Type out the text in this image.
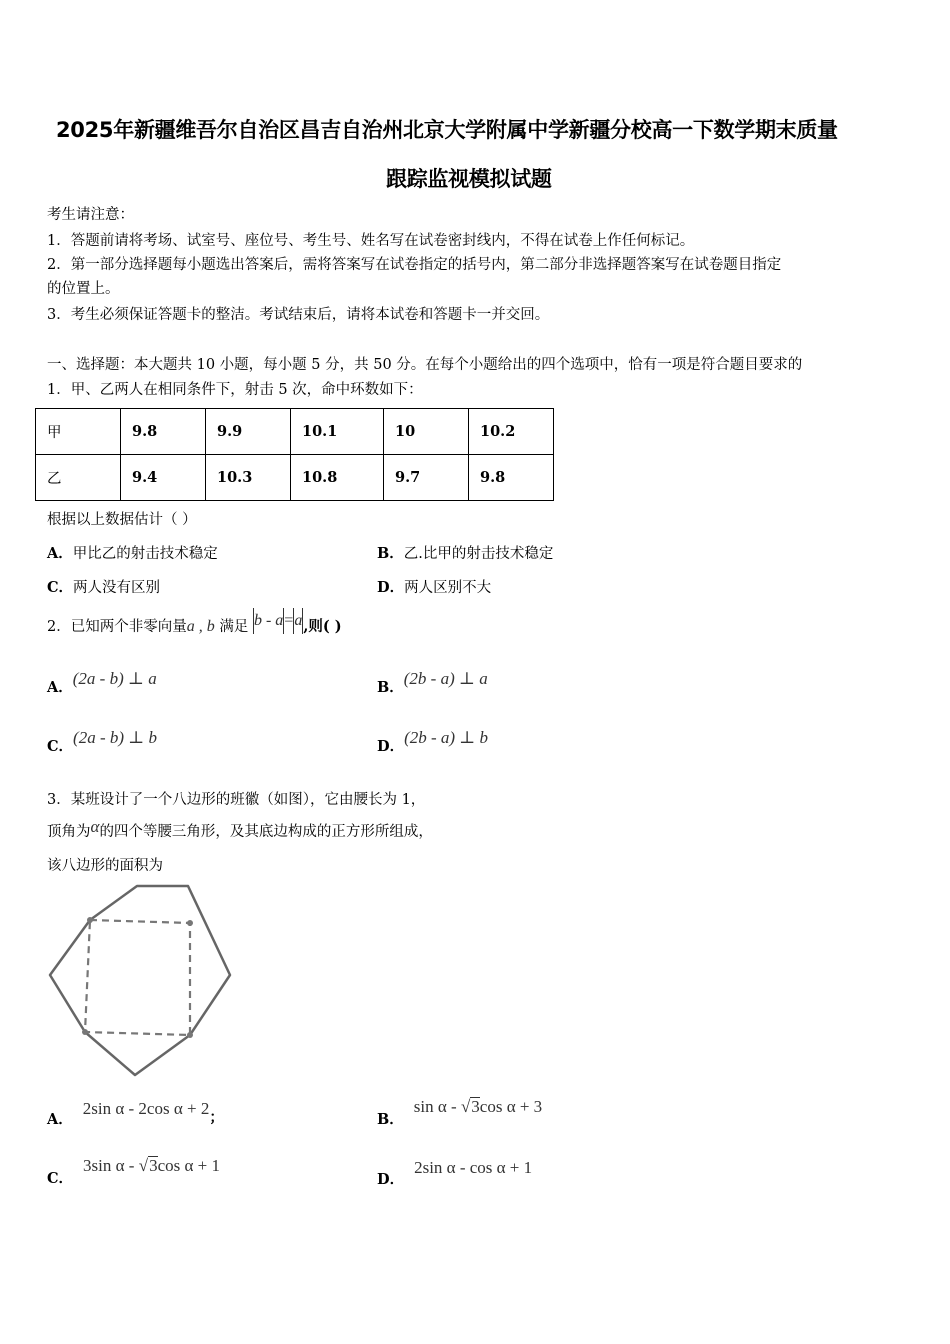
2025年新疆维吾尔自治区昌吉自治州北京大学附属中学新疆分校高一下数学期末质量
跟踪监视模拟试题
考生请注意：
1．答题前请将考场、试室号、座位号、考生号、姓名写在试卷密封线内，不得在试卷上作任何标记。
2．第一部分选择题每小题选出答案后，需将答案写在试卷指定的括号内，第二部分非选择题答案写在试卷题目指定
的位置上。
3．考生必须保证答题卡的整洁。考试结束后，请将本试卷和答题卡一并交回。
一、选择题：本大题共 10 小题，每小题 5 分，共 50 分。在每个小题给出的四个选项中，恰有一项是符合题目要求的
1．甲、乙两人在相同条件下，射击 5 次，命中环数如下：
甲	9.8	9.9	10.1	10	10.2
乙	9.4	10.3	10.8	9.7	9.8
根据以上数据估计（ ）
A．甲比乙的射击技术稳定	B．乙.比甲的射击技术稳定
C．两人没有区别	D．两人区别不大
2．已知两个非零向量a , b 满足 b - a=a,则( )
A．(2a - b) ⊥ a	B．(2b - a) ⊥ a
C．(2a - b) ⊥ b	D．(2b - a) ⊥ b
3．某班设计了一个八边形的班徽（如图），它由腰长为 1，
顶角为α的四个等腰三角形，及其底边构成的正方形所组成，
该八边形的面积为
A．2sin α - 2cos α + 2；	B．sin α - √3cos α + 3
C．3sin α - √3cos α + 1
D．2sin α - cos α + 1
